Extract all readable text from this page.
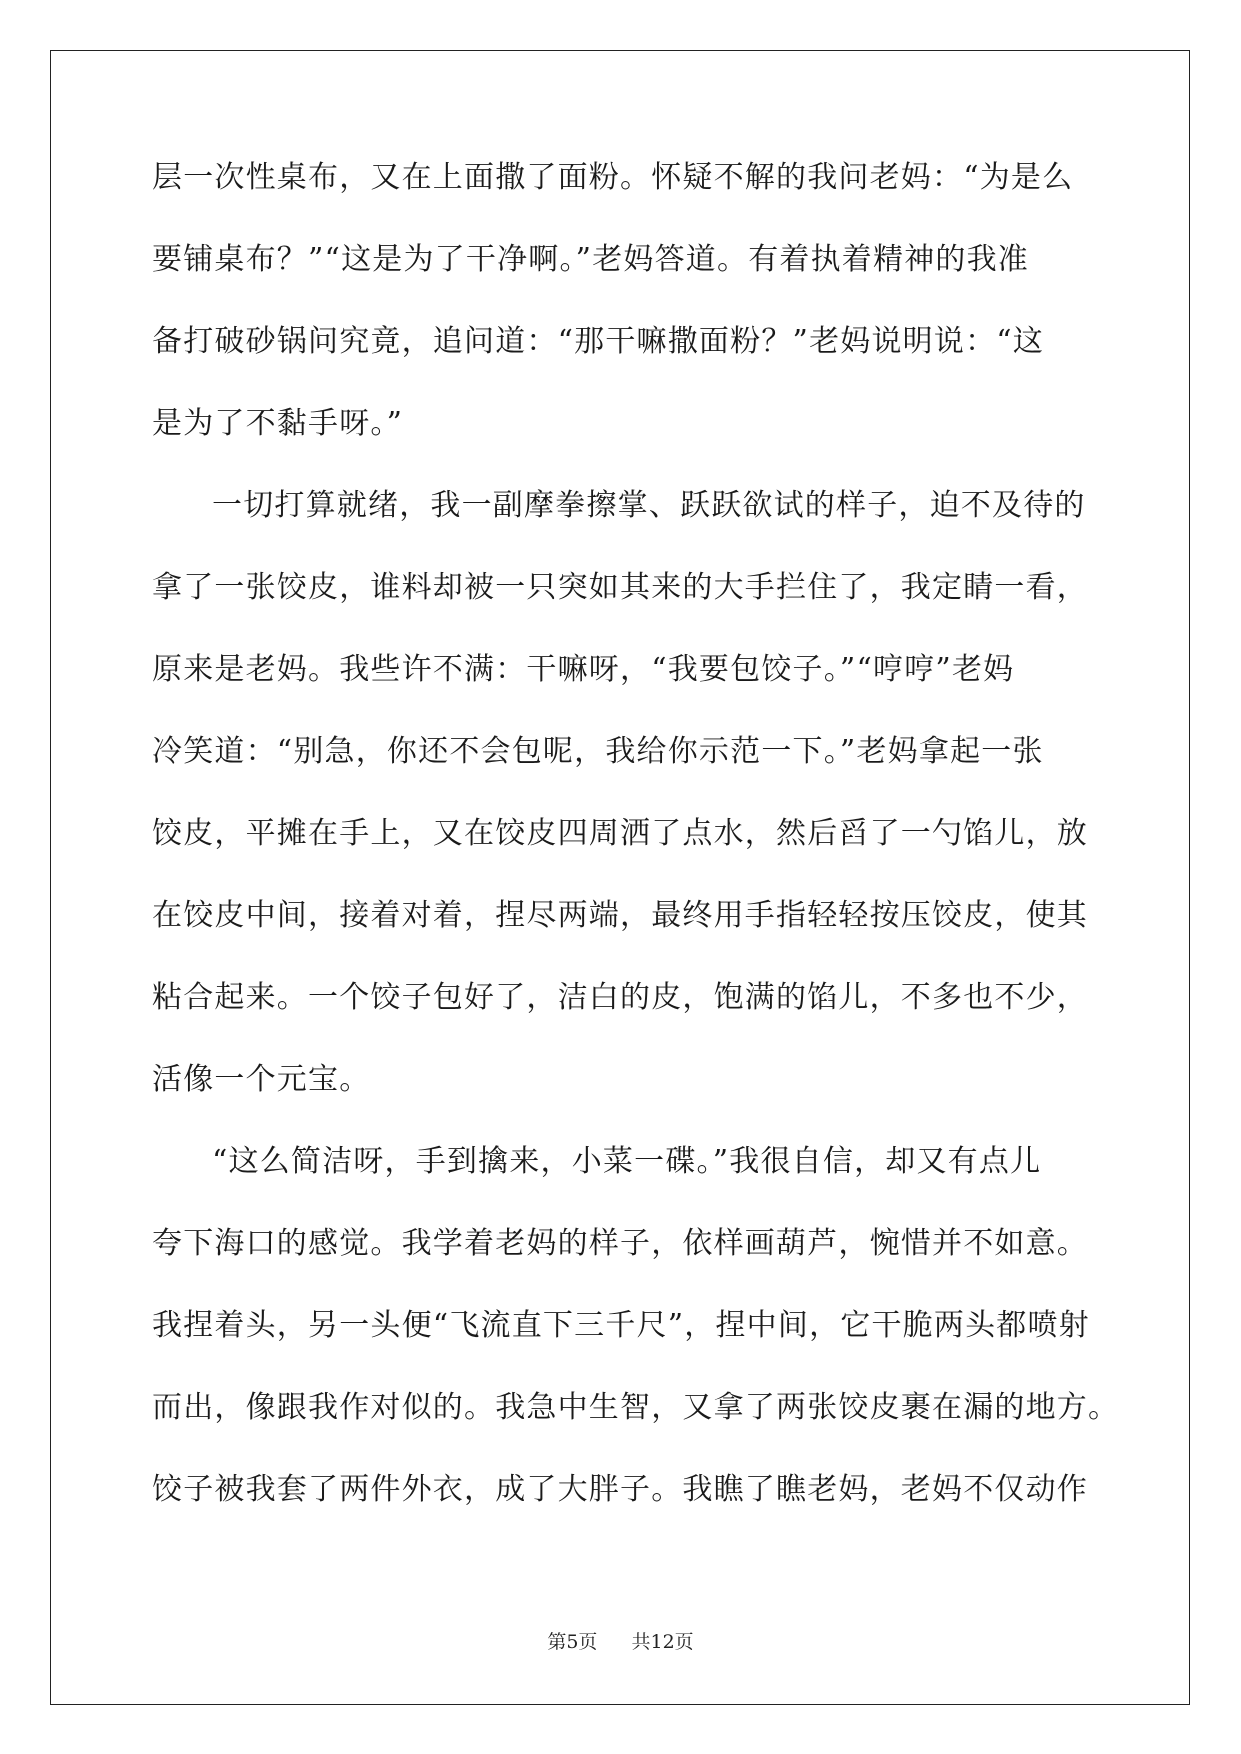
层一次性桌布，又在上面撒了面粉。怀疑不解的我问老妈：“为是么
要铺桌布？”“这是为了干净啊。”老妈答道。有着执着精神的我准
备打破砂锅问究竟，追问道：“那干嘛撒面粉？”老妈说明说：“这
是为了不黏手呀。”
一切打算就绪，我一副摩拳擦掌、跃跃欲试的样子，迫不及待的
拿了一张饺皮，谁料却被一只突如其来的大手拦住了，我定睛一看，
原来是老妈。我些许不满：干嘛呀，“我要包饺子。”“哼哼”老妈
冷笑道：“别急，你还不会包呢，我给你示范一下。”老妈拿起一张
饺皮，平摊在手上，又在饺皮四周洒了点水，然后舀了一勺馅儿，放
在饺皮中间，接着对着，捏尽两端，最终用手指轻轻按压饺皮，使其
粘合起来。一个饺子包好了，洁白的皮，饱满的馅儿，不多也不少，
活像一个元宝。
“这么简洁呀，手到擒来，小菜一碟。”我很自信，却又有点儿
夸下海口的感觉。我学着老妈的样子，依样画葫芦，惋惜并不如意。
我捏着头，另一头便“飞流直下三千尺”，捏中间，它干脆两头都喷射
而出，像跟我作对似的。我急中生智，又拿了两张饺皮裹在漏的地方。
饺子被我套了两件外衣，成了大胖子。我瞧了瞧老妈，老妈不仅动作
第5页 共12页
